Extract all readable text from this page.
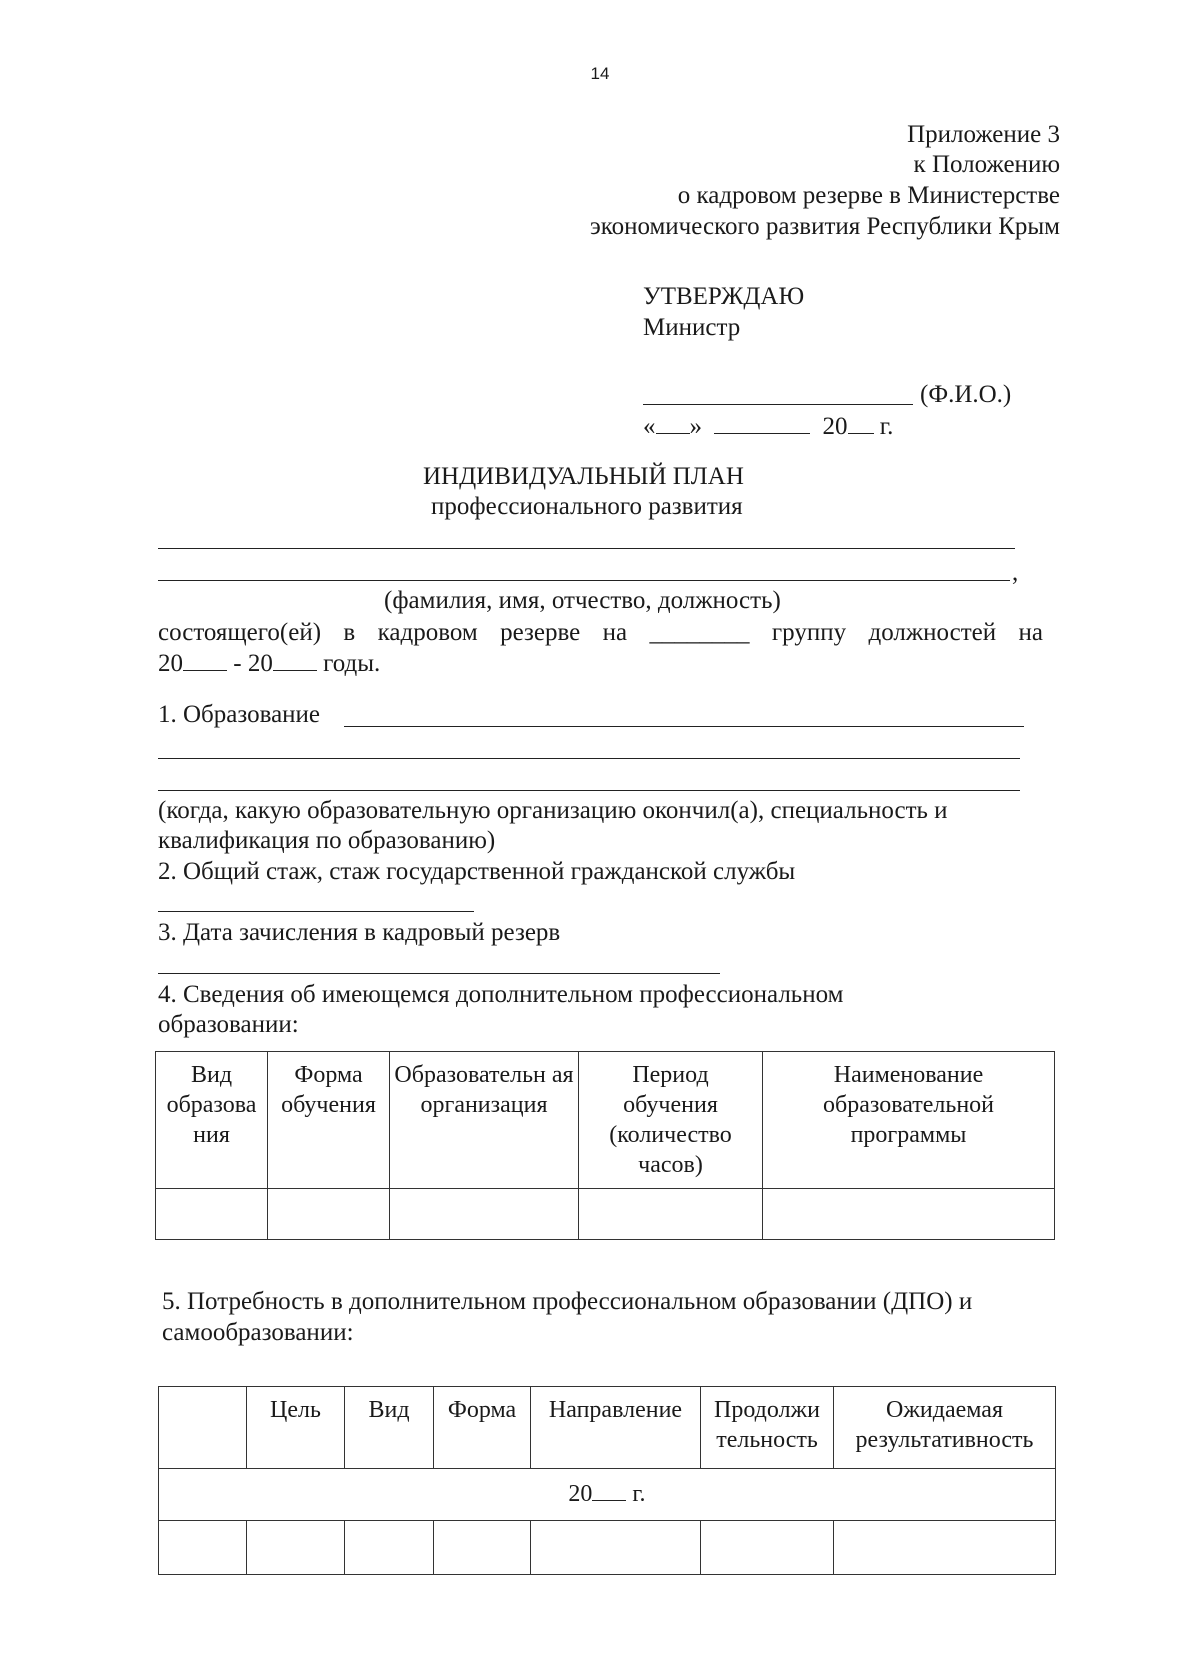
14
Приложение 3
к Положению
о кадровом резерве в Министерстве
экономического развития Республики Крым
УТВЕРЖДАЮ
Министр
(Ф.И.О.)
« »	20 г.
ИНДИВИДУАЛЬНЫЙ ПЛАН
профессионального развития
,
(фамилия, имя, отчество, должность)
состоящего(ей) в кадровом резерве на ________ группу должностей на
20 - 20 годы.
1. Образование
(когда, какую образовательную организацию окончил(а), специальность и
квалификация по образованию)
2. Общий стаж, стаж государственной гражданской службы
3. Дата зачисления в кадровый резерв
4. Сведения об имеющемся дополнительном профессиональном
образовании:
Вид образова ния	Форма обучения	Образовательн ая организация	Период обучения (количество часов)	Наименование образовательной программы

5. Потребность в дополнительном профессиональном образовании (ДПО) и
самообразовании:
	Цель	Вид	Форма	Направление	Продолжи тельность	Ожидаемая результативность
20 г.						
